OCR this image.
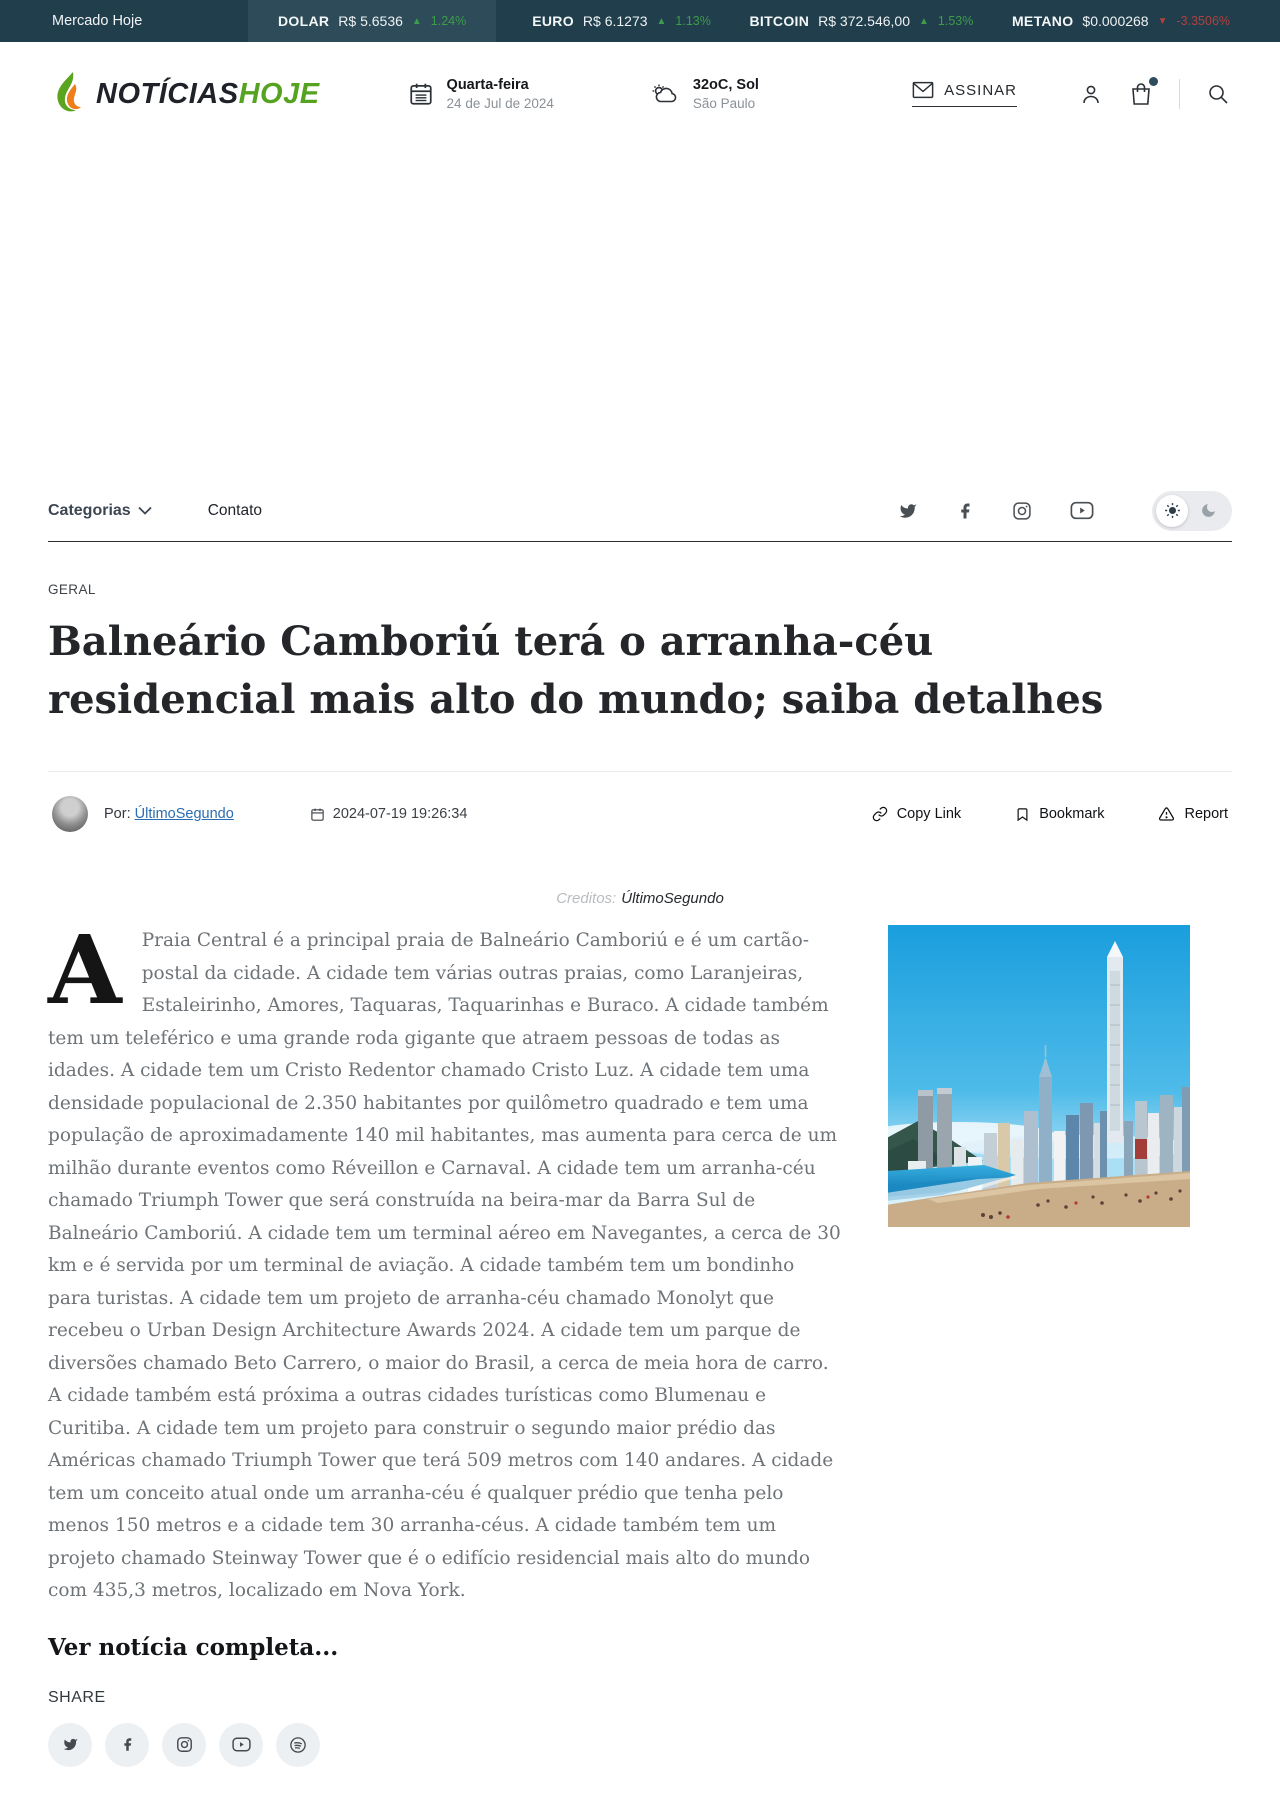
Mercado Hoje	DOLAR R$ 5.6536 ▲ 1.24%	EURO R$ 6.1273 ▲ 1.13%	BITCOIN R$ 372.546,00 ▲ 1.53%	METANO $0.000268 ▼ -3.3506%
NOTÍCIASHOJE	Quarta-feira
24 de Jul de 2024
32oC, Sol
São Paulo
ASSINAR
Categorias	Contato
GERAL
Balneário Camboriú terá o arranha-céu residencial mais alto do mundo; saiba detalhes
Por: ÚltimoSegundo	2024-07-19 19:26:34	Copy Link	Bookmark	Report
Creditos: ÚltimoSegundo
A Praia Central é a principal praia de Balneário Camboriú e é um cartão-postal da cidade. A cidade tem várias outras praias, como Laranjeiras, Estaleirinho, Amores, Taquaras, Taquarinhas e Buraco. A cidade também tem um teleférico e uma grande roda gigante que atraem pessoas de todas as idades. A cidade tem um Cristo Redentor chamado Cristo Luz. A cidade tem uma densidade populacional de 2.350 habitantes por quilômetro quadrado e tem uma população de aproximadamente 140 mil habitantes, mas aumenta para cerca de um milhão durante eventos como Réveillon e Carnaval. A cidade tem um arranha-céu chamado Triumph Tower que será construída na beira-mar da Barra Sul de Balneário Camboriú. A cidade tem um terminal aéreo em Navegantes, a cerca de 30 km e é servida por um terminal de aviação. A cidade também tem um bondinho para turistas. A cidade tem um projeto de arranha-céu chamado Monolyt que recebeu o Urban Design Architecture Awards 2024. A cidade tem um parque de diversões chamado Beto Carrero, o maior do Brasil, a cerca de meia hora de carro. A cidade também está próxima a outras cidades turísticas como Blumenau e Curitiba. A cidade tem um projeto para construir o segundo maior prédio das Américas chamado Triumph Tower que terá 509 metros com 140 andares. A cidade tem um conceito atual onde um arranha-céu é qualquer prédio que tenha pelo menos 150 metros e a cidade tem 30 arranha-céus. A cidade também tem um projeto chamado Steinway Tower que é o edifício residencial mais alto do mundo com 435,3 metros, localizado em Nova York.
Ver notícia completa...
SHARE
